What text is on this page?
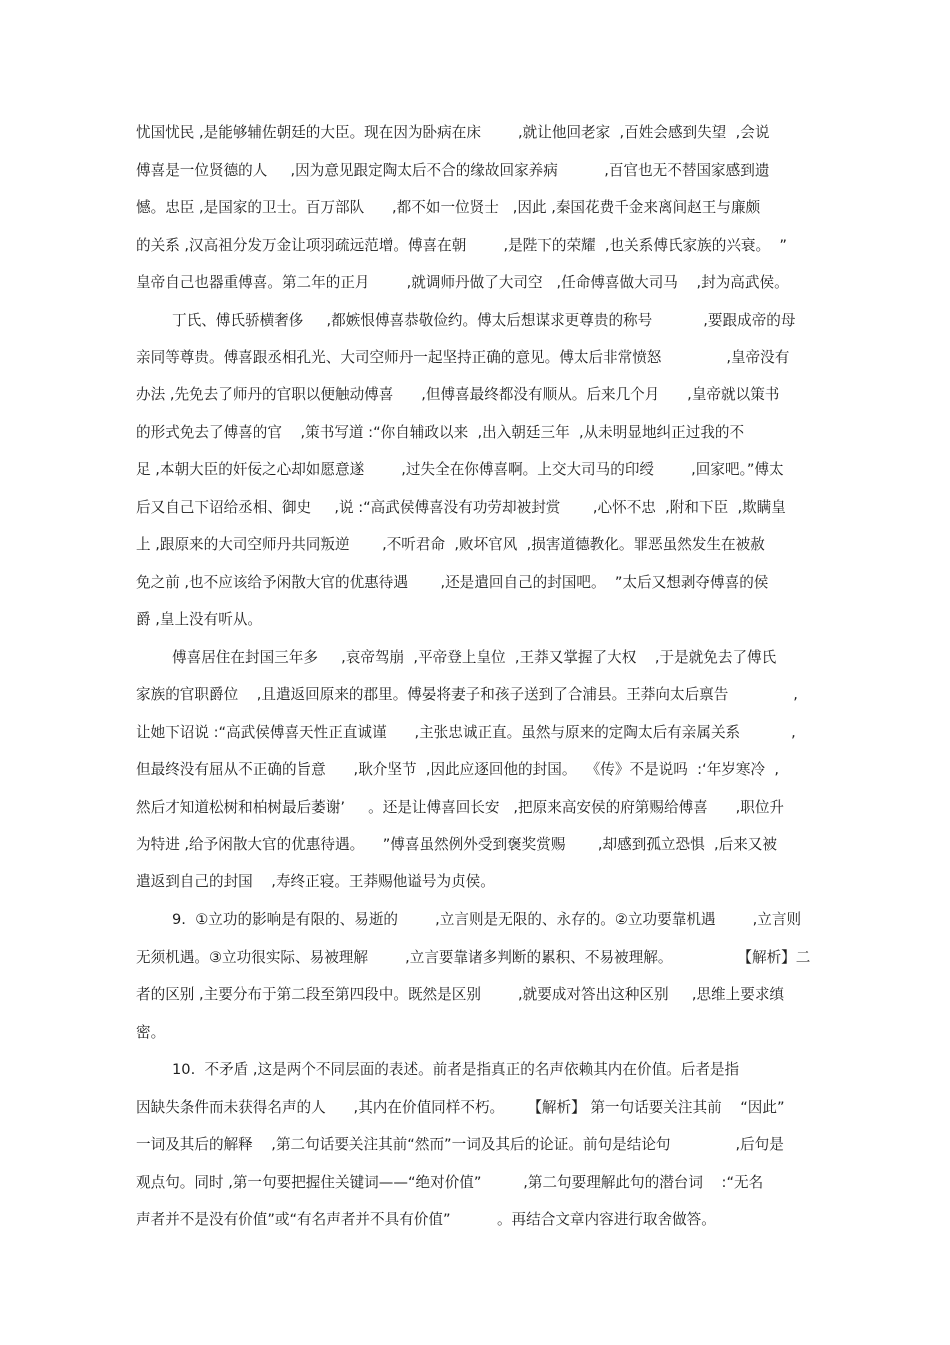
忧国忧民 ,是能够辅佐朝廷的大臣。现在因为卧病在床        ,就让他回老家  ,百姓会感到失望  ,会说
傅喜是一位贤德的人     ,因为意见跟定陶太后不合的缘故回家养病          ,百官也无不替国家感到遗
憾。忠臣 ,是国家的卫士。百万部队      ,都不如一位贤士   ,因此 ,秦国花费千金来离间赵王与廉颇
的关系 ,汉高祖分发万金让项羽疏远范增。傅喜在朝        ,是陛下的荣耀  ,也关系傅氏家族的兴衰。  ”
皇帝自己也器重傅喜。第二年的正月        ,就调师丹做了大司空   ,任命傅喜做大司马    ,封为高武侯。
丁氏、傅氏骄横奢侈     ,都嫉恨傅喜恭敬俭约。傅太后想谋求更尊贵的称号           ,要跟成帝的母
亲同等尊贵。傅喜跟丞相孔光、大司空师丹一起坚持正确的意见。傅太后非常愤怒              ,皇帝没有
办法 ,先免去了师丹的官职以便触动傅喜      ,但傅喜最终都没有顺从。后来几个月      ,皇帝就以策书
的形式免去了傅喜的官    ,策书写道 :“你自辅政以来  ,出入朝廷三年  ,从未明显地纠正过我的不
足 ,本朝大臣的奸佞之心却如愿意遂        ,过失全在你傅喜啊。上交大司马的印绶        ,回家吧。”傅太
后又自己下诏给丞相、御史     ,说 :“高武侯傅喜没有功劳却被封赏       ,心怀不忠  ,附和下臣  ,欺瞒皇
上 ,跟原来的大司空师丹共同叛逆       ,不听君命  ,败坏官风  ,损害道德教化。罪恶虽然发生在被赦
免之前 ,也不应该给予闲散大官的优惠待遇       ,还是遣回自己的封国吧。  ”太后又想剥夺傅喜的侯
爵 ,皇上没有听从。
傅喜居住在封国三年多     ,哀帝驾崩  ,平帝登上皇位  ,王莽又掌握了大权    ,于是就免去了傅氏
家族的官职爵位    ,且遣返回原来的郡里。傅晏将妻子和孩子送到了合浦县。王莽向太后禀告              ,
让她下诏说 :“高武侯傅喜天性正直诚谨      ,主张忠诚正直。虽然与原来的定陶太后有亲属关系           ,
但最终没有屈从不正确的旨意      ,耿介坚节  ,因此应逐回他的封国。  《传》不是说吗  :‘年岁寒冷  ,
然后才知道松树和柏树最后萎谢’     。还是让傅喜回长安   ,把原来高安侯的府第赐给傅喜      ,职位升
为特进 ,给予闲散大官的优惠待遇。    ”傅喜虽然例外受到褒奖赏赐       ,却感到孤立恐惧  ,后来又被
遣返到自己的封国    ,寿终正寝。王莽赐他谥号为贞侯。
9.  ①立功的影响是有限的、易逝的        ,立言则是无限的、永存的。②立功要靠机遇        ,立言则
无须机遇。③立功很实际、易被理解        ,立言要靠诸多判断的累积、不易被理解。              【解析】二
者的区别 ,主要分布于第二段至第四段中。既然是区别        ,就要成对答出这种区别     ,思维上要求缜
密。
10.  不矛盾 ,这是两个不同层面的表述。前者是指真正的名声依赖其内在价值。后者是指
因缺失条件而未获得名声的人      ,其内在价值同样不朽。     【解析】 第一句话要关注其前    “因此”
一词及其后的解释    ,第二句话要关注其前“然而”一词及其后的论证。前句是结论句              ,后句是
观点句。同时 ,第一句要把握住关键词——“绝对价值”         ,第二句要理解此句的潜台词    :“无名
声者并不是没有价值”或“有名声者并不具有价值”          。再结合文章内容进行取舍做答。
